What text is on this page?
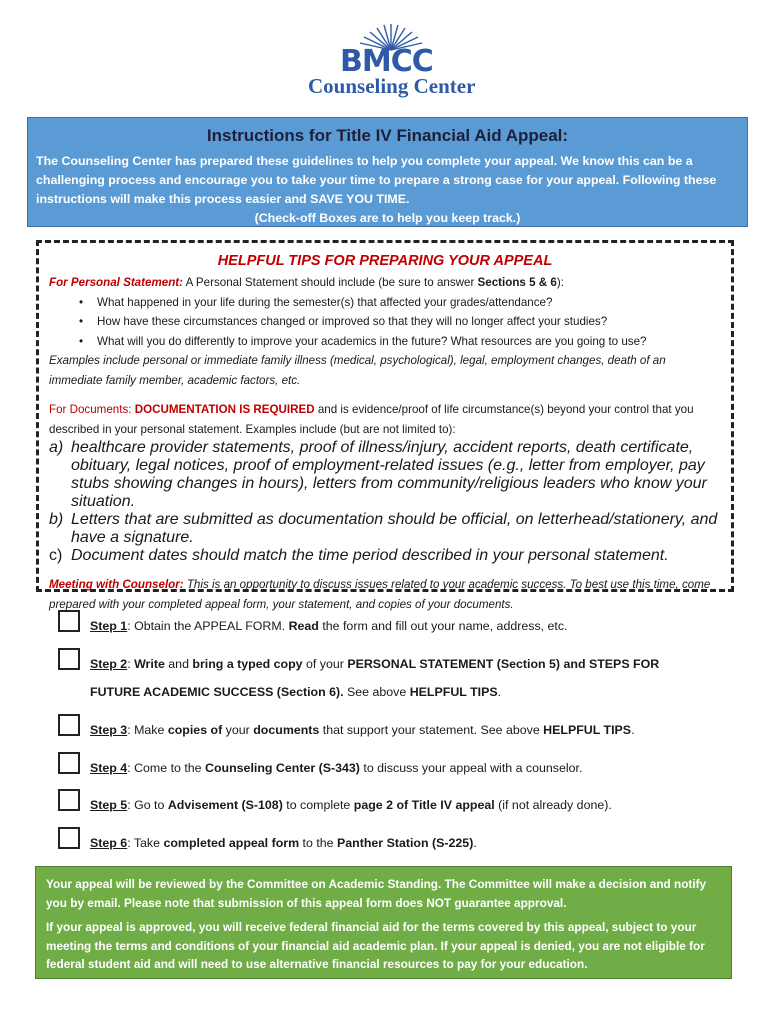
BMCC
Counseling Center
Instructions for Title IV Financial Aid Appeal:
The Counseling Center has prepared these guidelines to help you complete your appeal. We know this can be a challenging process and encourage you to take your time to prepare a strong case for your appeal. Following these instructions will make this process easier and SAVE YOU TIME.
(Check-off Boxes are to help you keep track.)
HELPFUL TIPS FOR PREPARING YOUR APPEAL

For Personal Statement: A Personal Statement should include (be sure to answer Sections 5 & 6):

• What happened in your life during the semester(s) that affected your grades/attendance?
• How have these circumstances changed or improved so that they will no longer affect your studies?
• What will you do differently to improve your academics in the future? What resources are you going to use?

Examples include personal or immediate family illness (medical, psychological), legal, employment changes, death of an immediate family member, academic factors, etc.

For Documents: DOCUMENTATION IS REQUIRED and is evidence/proof of life circumstance(s) beyond your control that you described in your personal statement. Examples include (but are not limited to):

a) healthcare provider statements, proof of illness/injury, accident reports, death certificate, obituary, legal notices, proof of employment-related issues (e.g., letter from employer, pay stubs showing changes in hours), letters from community/religious leaders who know your situation.
b) Letters that are submitted as documentation should be official, on letterhead/stationery, and have a signature.
c) Document dates should match the time period described in your personal statement.

Meeting with Counselor: This is an opportunity to discuss issues related to your academic success. To best use this time, come prepared with your completed appeal form, your statement, and copies of your documents.

Step 1: Obtain the APPEAL FORM. Read the form and fill out your name, address, etc.
Step 2: Write and bring a typed copy of your PERSONAL STATEMENT (Section 5) and STEPS FOR FUTURE ACADEMIC SUCCESS (Section 6). See above HELPFUL TIPS.
Step 3: Make copies of your documents that support your statement. See above HELPFUL TIPS.
Step 4: Come to the Counseling Center (S-343) to discuss your appeal with a counselor.
Step 5: Go to Advisement (S-108) to complete page 2 of Title IV appeal (if not already done).
Step 6: Take completed appeal form to the Panther Station (S-225).

Your appeal will be reviewed by the Committee on Academic Standing. The Committee will make a decision and notify you by email. Please note that submission of this appeal form does NOT guarantee approval.

If your appeal is approved, you will receive federal financial aid for the terms covered by this appeal, subject to your meeting the terms and conditions of your financial aid academic plan. If your appeal is denied, you are not eligible for federal student aid and will need to use alternative financial resources to pay for your education.
